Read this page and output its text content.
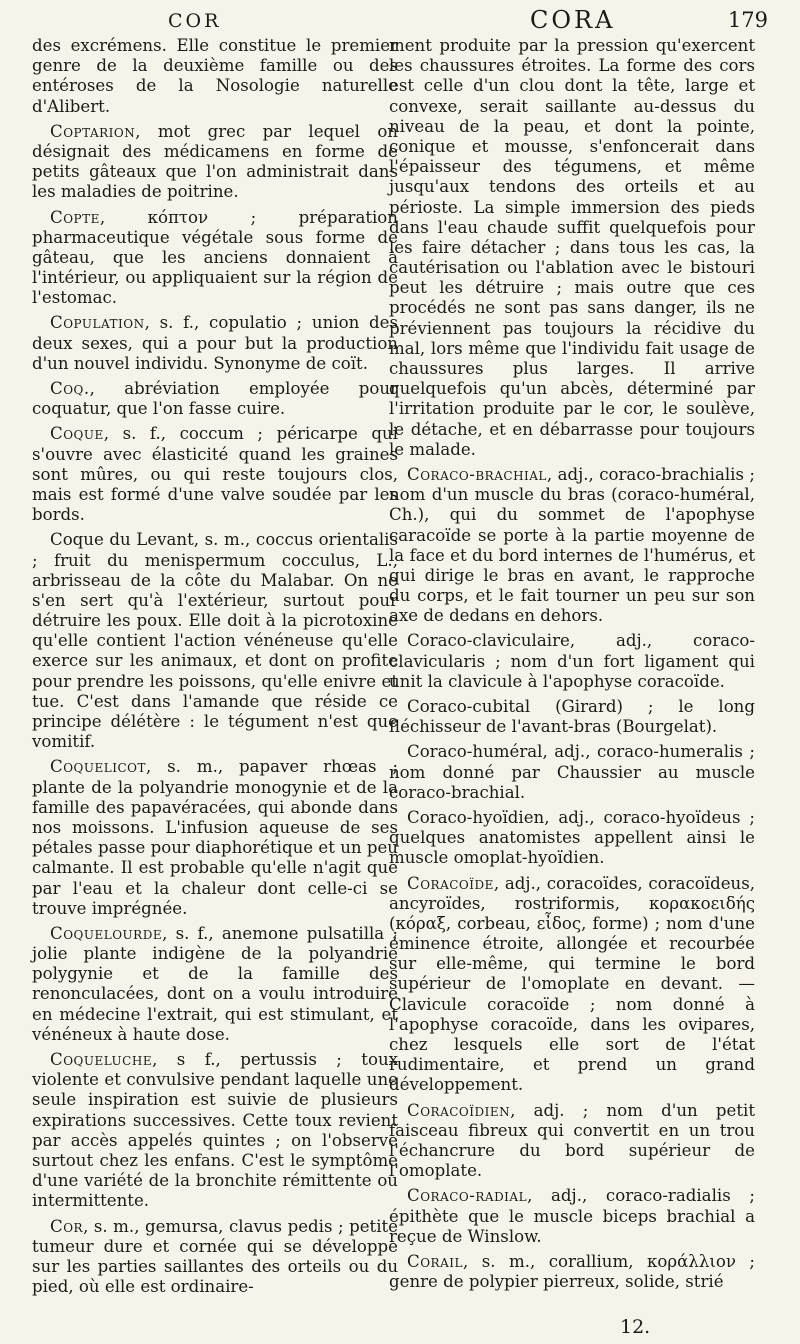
COR	CORA	179

des excrémens. Elle constitue le premier genre de la deuxième famille ou des entéroses de la Nosologie naturelle d'Alibert.

Coptarion, mot grec par lequel on désignait des médicamens en forme de petits gâteaux que l'on administrait dans les maladies de poitrine.

Copte, κόπτον ; préparation pharmaceutique végétale sous forme de gâteau, que les anciens donnaient à l'intérieur, ou appliquaient sur la région de l'estomac.

Copulation, s. f., copulatio ; union des deux sexes, qui a pour but la production d'un nouvel individu. Synonyme de coït.

Coq., abréviation employée pour coquatur, que l'on fasse cuire.

Coque, s. f., coccum ; péricarpe qui s'ouvre avec élasticité quand les graines sont mûres, ou qui reste toujours clos, mais est formé d'une valve soudée par les bords.

Coque du Levant, s. m., coccus orientalis ; fruit du menispermum cocculus, L., arbrisseau de la côte du Malabar. On ne s'en sert qu'à l'extérieur, surtout pour détruire les poux. Elle doit à la picrotoxine qu'elle contient l'action vénéneuse qu'elle exerce sur les animaux, et dont on profite pour prendre les poissons, qu'elle enivre et tue. C'est dans l'amande que réside ce principe délétère : le tégument n'est que vomitif.

Coquelicot, s. m., papaver rhœas ; plante de la polyandrie monogynie et de la famille des papavéracées, qui abonde dans nos moissons. L'infusion aqueuse de ses pétales passe pour diaphorétique et un peu calmante. Il est probable qu'elle n'agit que par l'eau et la chaleur dont celle-ci se trouve imprégnée.

Coquelourde, s. f., anemone pulsatilla ; jolie plante indigène de la polyandrie polygynie et de la famille des renonculacées, dont on a voulu introduire en médecine l'extrait, qui est stimulant, et vénéneux à haute dose.

Coqueluche, s f., pertussis ; toux violente et convulsive pendant laquelle une seule inspiration est suivie de plusieurs expirations successives. Cette toux revient par accès appelés quintes ; on l'observe surtout chez les enfans. C'est le symptôme d'une variété de la bronchite rémittente ou intermittente.

Cor, s. m., gemursa, clavus pedis ; petite tumeur dure et cornée qui se développe sur les parties saillantes des orteils ou du pied, où elle est ordinaire-

ment produite par la pression qu'exercent les chaussures étroites. La forme des cors est celle d'un clou dont la tête, large et convexe, serait saillante au-dessus du niveau de la peau, et dont la pointe, conique et mousse, s'enfoncerait dans l'épaisseur des tégumens, et même jusqu'aux tendons des orteils et au périoste. La simple immersion des pieds dans l'eau chaude suffit quelquefois pour les faire détacher ; dans tous les cas, la cautérisation ou l'ablation avec le bistouri peut les détruire ; mais outre que ces procédés ne sont pas sans danger, ils ne préviennent pas toujours la récidive du mal, lors même que l'individu fait usage de chaussures plus larges. Il arrive quelquefois qu'un abcès, déterminé par l'irritation produite par le cor, le soulève, le détache, et en débarrasse pour toujours le malade.

Coraco-brachial, adj., coraco-brachialis ; nom d'un muscle du bras (coraco-huméral, Ch.), qui du sommet de l'apophyse caracoïde se porte à la partie moyenne de la face et du bord internes de l'humérus, et qui dirige le bras en avant, le rapproche du corps, et le fait tourner un peu sur son axe de dedans en dehors.

Coraco-claviculaire, adj., coraco-clavicularis ; nom d'un fort ligament qui unit la clavicule à l'apophyse coracoïde.

Coraco-cubital (Girard) ; le long fléchisseur de l'avant-bras (Bourgelat).

Coraco-huméral, adj., coraco-humeralis ; nom donné par Chaussier au muscle coraco-brachial.

Coraco-hyoïdien, adj., coraco-hyoïdeus ; quelques anatomistes appellent ainsi le muscle omoplat-hyoïdien.

Coracoïde, adj., coracoïdes, coracoïdeus, ancyroïdes, rostriformis, κορακοειδής (κόραξ, corbeau, εἶδος, forme) ; nom d'une éminence étroite, allongée et recourbée sur elle-même, qui termine le bord supérieur de l'omoplate en devant. — Clavicule coracoïde ; nom donné à l'apophyse coracoïde, dans les ovipares, chez lesquels elle sort de l'état rudimentaire, et prend un grand développement.

Coracoïdien, adj. ; nom d'un petit faisceau fibreux qui convertit en un trou l'échancrure du bord supérieur de l'omoplate.

Coraco-radial, adj., coraco-radialis ; épithète que le muscle biceps brachial a reçue de Winslow.

Corail, s. m., corallium, κοράλλιον ; genre de polypier pierreux, solide, strié

12.
